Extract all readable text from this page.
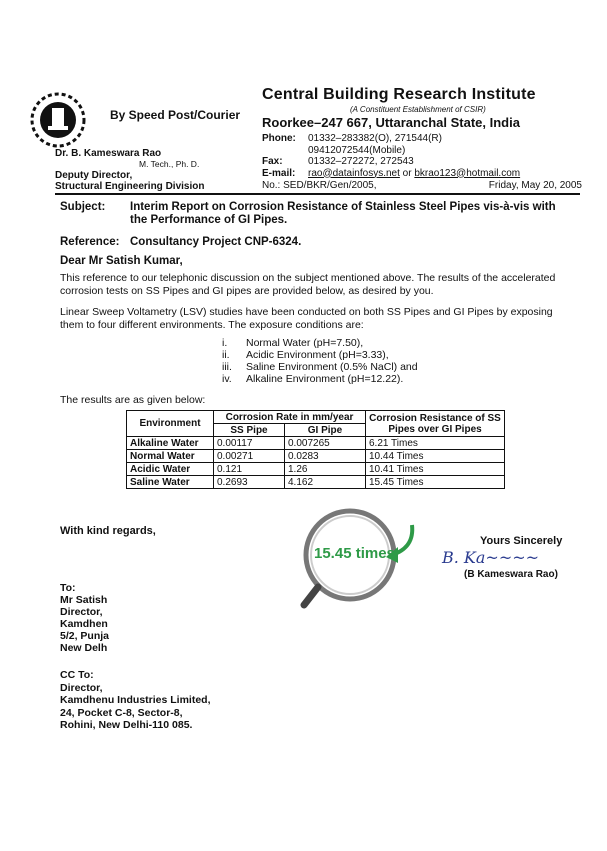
By Speed Post/Courier
Central Building Research Institute
(A Constituent Establishment of CSIR)
Roorkee–247 667, Uttaranchal State, India
Phone: 01332–283382(O), 271544(R)
09412072544(Mobile)
Fax:	01332–272272, 272543
E-mail: rao@datainfosys.net or bkrao123@hotmail.com
No.: SED/BKR/Gen/2005,	Friday, May 20, 2005
Dr. B. Kameswara Rao
M. Tech., Ph. D.
Deputy Director,
Structural Engineering Division
Subject: Interim Report on Corrosion Resistance of Stainless Steel Pipes vis-à-vis with the Performance of GI Pipes.
Reference: Consultancy Project CNP-6324.
Dear Mr Satish Kumar,
This reference to our telephonic discussion on the subject mentioned above. The results of the accelerated corrosion tests on SS Pipes and GI pipes are provided below, as desired by you.
Linear Sweep Voltametry (LSV) studies have been conducted on both SS Pipes and GI Pipes by exposing them to four different environments. The exposure conditions are:
i. Normal Water (pH=7.50),
ii. Acidic Environment (pH=3.33),
iii. Saline Environment (0.5% NaCl) and
iv. Alkaline Environment (pH=12.22).
The results are as given below:
Environment	Corrosion Rate in mm/year		Corrosion Resistance of SS Pipes over GI Pipes
	SS Pipe	GI Pipe	
Alkaline Water	0.00117	0.007265	6.21 Times
Normal Water	0.00271	0.0283	10.44 Times
Acidic Water	0.121	1.26	10.41 Times
Saline Water	0.2693	4.162	15.45 Times
With kind regards,
15.45 times
Yours Sincerely
B. Ka~~~~
(B Kameswara Rao)
To:
Mr Satish
Director,
Kamdhen
5/2, Punja
New Delh
CC To:
Director,
Kamdhenu Industries Limited,
24, Pocket C-8, Sector-8,
Rohini, New Delhi-110 085.
